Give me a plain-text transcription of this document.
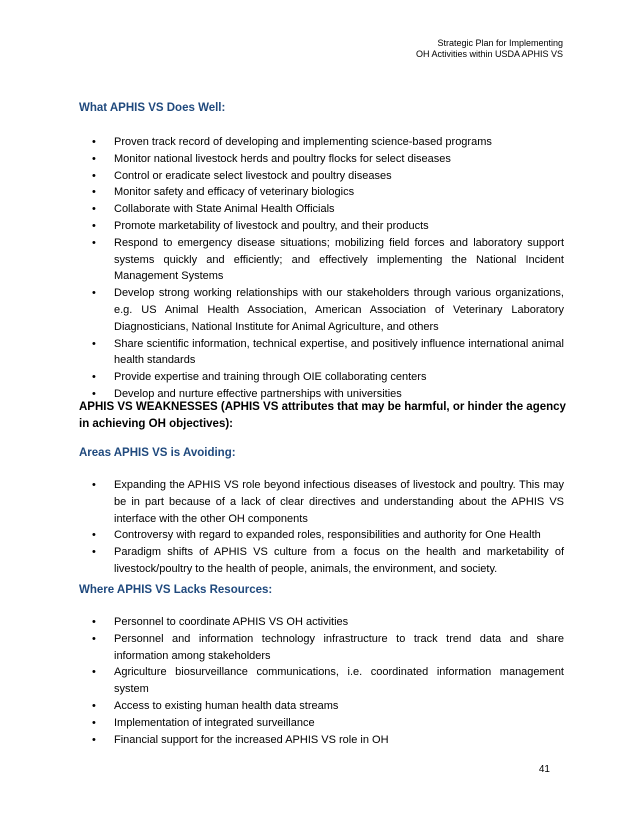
Strategic Plan for Implementing
OH Activities within USDA APHIS VS
What APHIS VS Does Well:
• Proven track record of developing and implementing science-based programs
• Monitor national livestock herds and poultry flocks for select diseases
• Control or eradicate select livestock and poultry diseases
• Monitor safety and efficacy of veterinary biologics
• Collaborate with State Animal Health Officials
• Promote marketability of livestock and poultry, and their products
• Respond to emergency disease situations; mobilizing field forces and laboratory support systems quickly and efficiently; and effectively implementing the National Incident Management Systems
• Develop strong working relationships with our stakeholders through various organizations, e.g. US Animal Health Association, American Association of Veterinary Laboratory Diagnosticians, National Institute for Animal Agriculture, and others
• Share scientific information, technical expertise, and positively influence international animal health standards
• Provide expertise and training through OIE collaborating centers
• Develop and nurture effective partnerships with universities
APHIS VS WEAKNESSES (APHIS VS attributes that may be harmful, or hinder the agency in achieving OH objectives):
Areas APHIS VS is Avoiding:
• Expanding the APHIS VS role beyond infectious diseases of livestock and poultry. This may be in part because of a lack of clear directives and understanding about the APHIS VS interface with the other OH components
• Controversy with regard to expanded roles, responsibilities and authority for One Health
• Paradigm shifts of APHIS VS culture from a focus on the health and marketability of livestock/poultry to the health of people, animals, the environment, and society.
Where APHIS VS Lacks Resources:
• Personnel to coordinate APHIS VS OH activities
• Personnel and information technology infrastructure to track trend data and share information among stakeholders
• Agriculture biosurveillance communications, i.e. coordinated information management system
• Access to existing human health data streams
• Implementation of integrated surveillance
• Financial support for the increased APHIS VS role in OH
41
